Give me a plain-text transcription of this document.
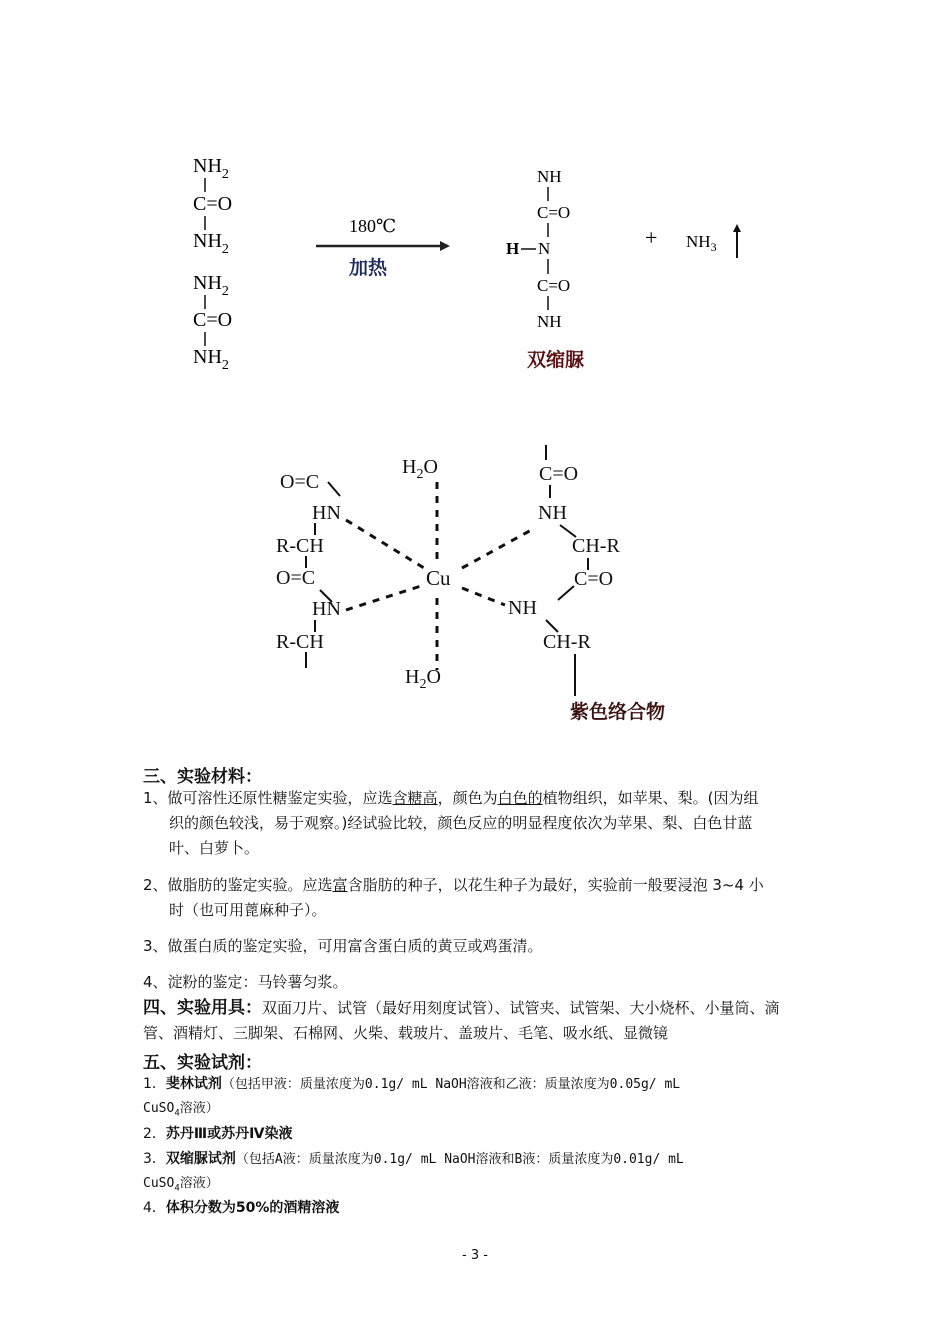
$NH_2$
C=O
$NH_2$
$NH_2$
C=O
$NH_2$
180℃
加热
NH
C=O
H N
C=O
NH
双缩脲
+ $NH_3$
O=C
HN
R-CH
O=C
HN
R-CH
$H_2O$
Cu
$H_2O$
C=O
NH
CH-R
C=O
NH
CH-R
紫色络合物
三、实验材料：
1、做可溶性还原性糖鉴定实验，应选含糖高，颜色为白色的植物组织，如苹果、梨。(因为组
织的颜色较浅，易于观察。)经试验比较，颜色反应的明显程度依次为苹果、梨、白色甘蓝
叶、白萝卜。
2、做脂肪的鉴定实验。应选富含脂肪的种子，以花生种子为最好，实验前一般要浸泡 3~4 小
时（也可用蓖麻种子）。
3、做蛋白质的鉴定实验，可用富含蛋白质的黄豆或鸡蛋清。
4、淀粉的鉴定：马铃薯匀浆。
四、实验用具：双面刀片、试管（最好用刻度试管）、试管夹、试管架、大小烧杯、小量筒、滴
管、酒精灯、三脚架、石棉网、火柴、载玻片、盖玻片、毛笔、吸水纸、显微镜
五、实验试剂：
1．斐林试剂（包括甲液：质量浓度为0.1g/ mL NaOH溶液和乙液：质量浓度为0.05g/ mL
CuSO$_4$溶液）
2．苏丹Ⅲ或苏丹Ⅳ染液
3．双缩脲试剂（包括A液：质量浓度为0.1g/ mL NaOH溶液和B液：质量浓度为0.01g/ mL
CuSO$_4$溶液）
4．体积分数为50%的酒精溶液
- 3 -
